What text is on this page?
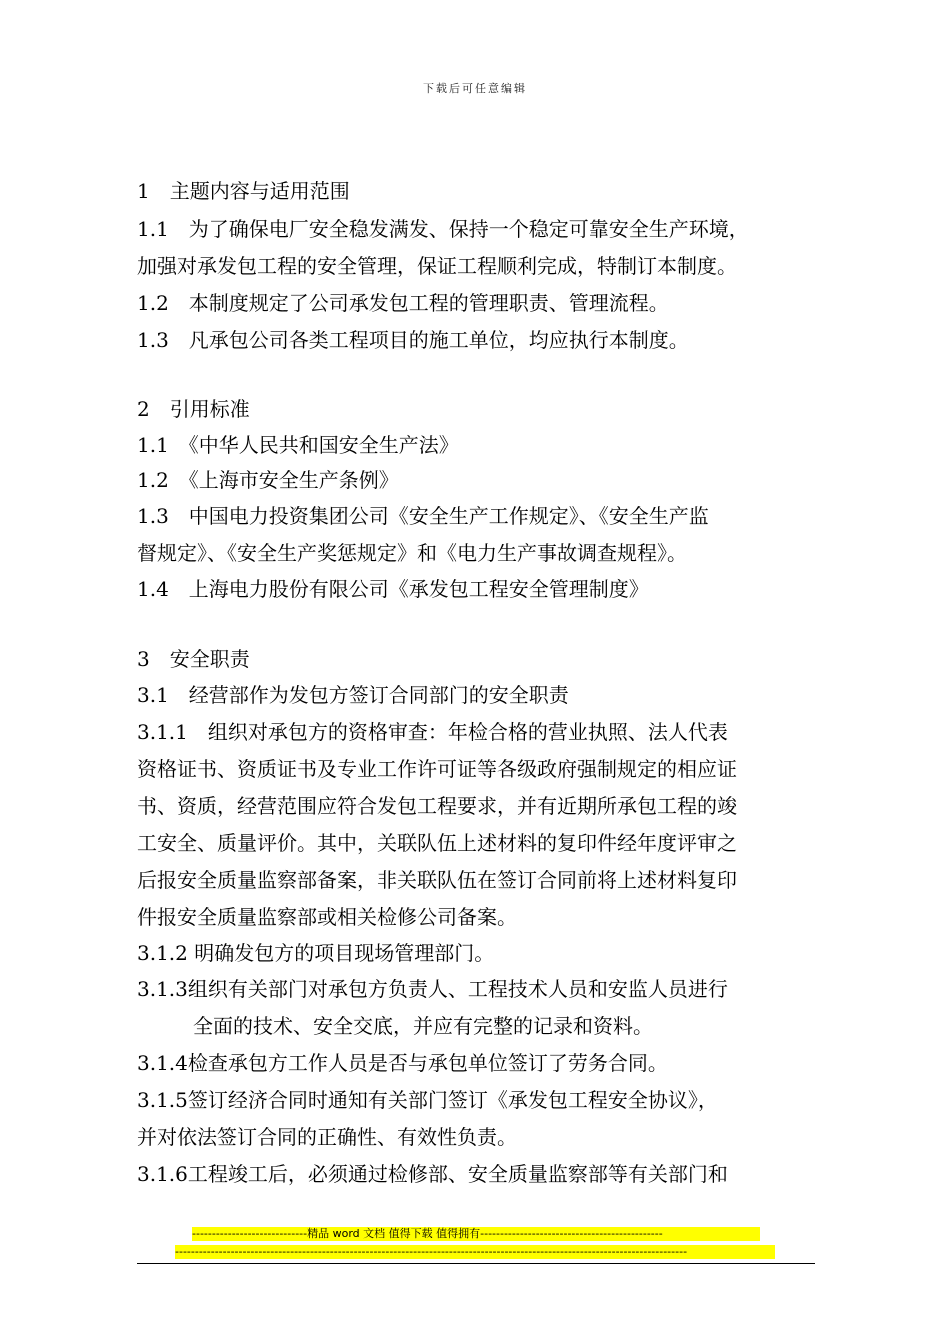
下载后可任意编辑
1　主题内容与适用范围
1.1　为了确保电厂安全稳发满发、保持一个稳定可靠安全生产环境，
加强对承发包工程的安全管理，保证工程顺利完成，特制订本制度。
1.2　本制度规定了公司承发包工程的管理职责、管理流程。
1.3　凡承包公司各类工程项目的施工单位，均应执行本制度。
2　引用标准
1.1　《中华人民共和国安全生产法》
1.2　《上海市安全生产条例》
1.3　中国电力投资集团公司《安全生产工作规定》、《安全生产监
督规定》、《安全生产奖惩规定》和《电力生产事故调查规程》。
1.4　上海电力股份有限公司《承发包工程安全管理制度》
3　安全职责
3.1　经营部作为发包方签订合同部门的安全职责
3.1.1　组织对承包方的资格审查：年检合格的营业执照、法人代表
资格证书、资质证书及专业工作许可证等各级政府强制规定的相应证
书、资质，经营范围应符合发包工程要求，并有近期所承包工程的竣
工安全、质量评价。其中，关联队伍上述材料的复印件经年度评审之
后报安全质量监察部备案，非关联队伍在签订合同前将上述材料复印
件报安全质量监察部或相关检修公司备案。
3.1.2 明确发包方的项目现场管理部门。
3.1.3组织有关部门对承包方负责人、工程技术人员和安监人员进行
全面的技术、安全交底，并应有完整的记录和资料。
3.1.4检查承包方工作人员是否与承包单位签订了劳务合同。
3.1.5签订经济合同时通知有关部门签订《承发包工程安全协议》，
并对依法签订合同的正确性、有效性负责。
3.1.6工程竣工后，必须通过检修部、安全质量监察部等有关部门和
-----------------------------精品 word 文档 值得下载 值得拥有----------------------------------------------
---------------------------------------------------------------------------------------------------------------------------------
